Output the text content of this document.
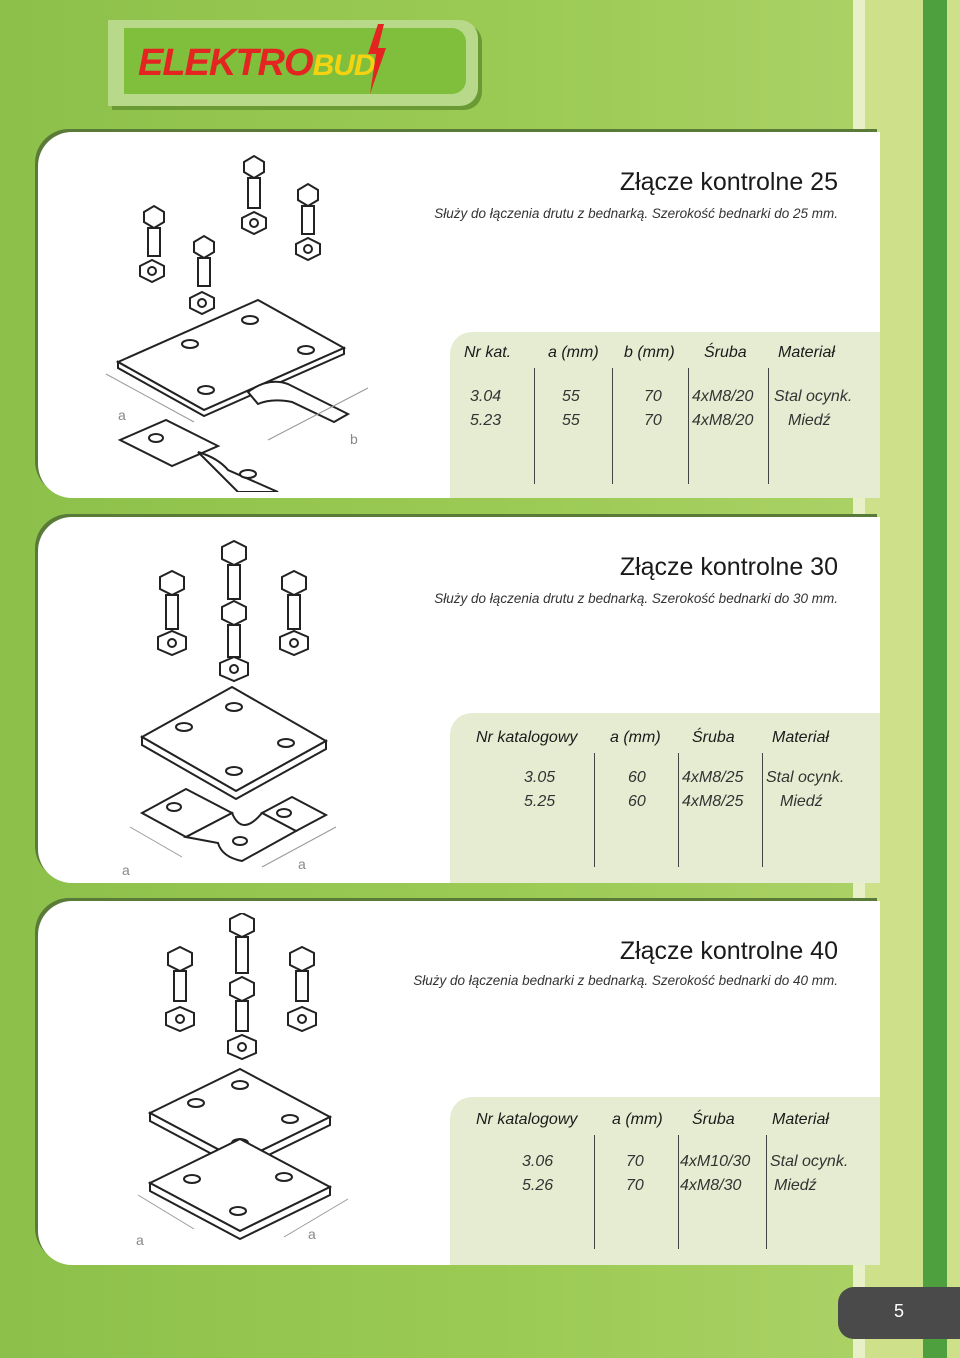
ELEKTROBUD
Złącze kontrolne 25
Służy do łączenia drutu z bednarką. Szerokość bednarki do 25 mm.
a
b
Nr kat. a (mm) b (mm) Śruba Materiał
3.04	55	70 4xM8/20 Stal ocynk.
5.23	55	70 4xM8/20 Miedź
Złącze kontrolne 30
Służy do łączenia drutu z bednarką. Szerokość bednarki do 30 mm.
a	a
Nr katalogowy a (mm) Śruba Materiał
3.05	60 4xM8/25 Stal ocynk.
5.25	60 4xM8/25 Miedź
Złącze kontrolne 40
Służy do łączenia bednarki z bednarką. Szerokość bednarki do 40 mm.
a	a
Nr katalogowy a (mm) Śruba Materiał
3.06	70 4xM10/30 Stal ocynk.
5.26	70 4xM8/30 Miedź
5
